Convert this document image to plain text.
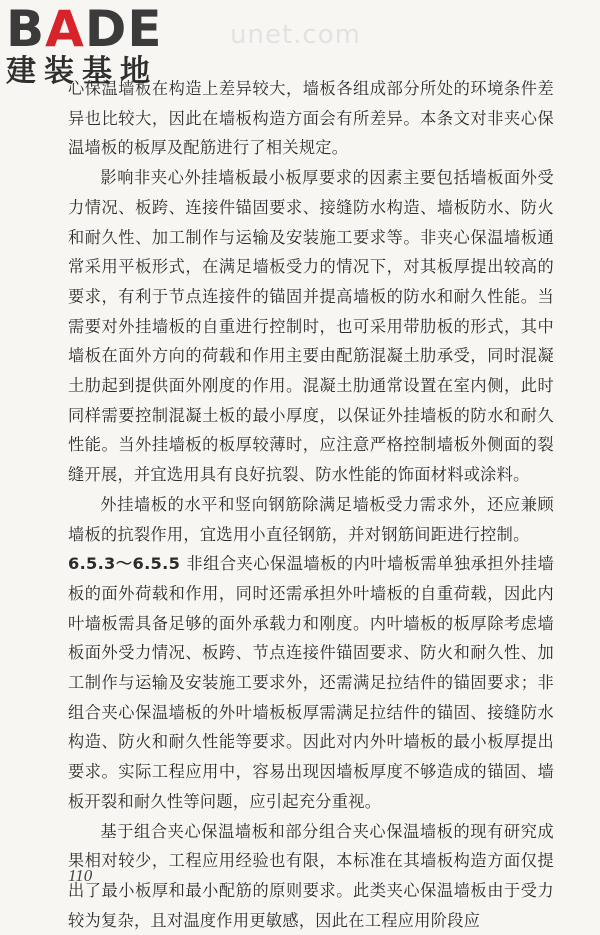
BADE
建装基地
unet.com

心保温墙板在构造上差异较大，墙板各组成部分所处的环境条件差异也比较大，因此在墙板构造方面会有所差异。本条文对非夹心保温墙板的板厚及配筋进行了相关规定。

影响非夹心外挂墙板最小板厚要求的因素主要包括墙板面外受力情况、板跨、连接件锚固要求、接缝防水构造、墙板防水、防火和耐久性、加工制作与运输及安装施工要求等。非夹心保温墙板通常采用平板形式，在满足墙板受力的情况下，对其板厚提出较高的要求，有利于节点连接件的锚固并提高墙板的防水和耐久性能。当需要对外挂墙板的自重进行控制时，也可采用带肋板的形式，其中墙板在面外方向的荷载和作用主要由配筋混凝土肋承受，同时混凝土肋起到提供面外刚度的作用。混凝土肋通常设置在室内侧，此时同样需要控制混凝土板的最小厚度，以保证外挂墙板的防水和耐久性能。当外挂墙板的板厚较薄时，应注意严格控制墙板外侧面的裂缝开展，并宜选用具有良好抗裂、防水性能的饰面材料或涂料。

外挂墙板的水平和竖向钢筋除满足墙板受力需求外，还应兼顾墙板的抗裂作用，宜选用小直径钢筋，并对钢筋间距进行控制。

6.5.3～6.5.5 非组合夹心保温墙板的内叶墙板需单独承担外挂墙板的面外荷载和作用，同时还需承担外叶墙板的自重荷载，因此内叶墙板需具备足够的面外承载力和刚度。内叶墙板的板厚除考虑墙板面外受力情况、板跨、节点连接件锚固要求、防火和耐久性、加工制作与运输及安装施工要求外，还需满足拉结件的锚固要求；非组合夹心保温墙板的外叶墙板板厚需满足拉结件的锚固、接缝防水构造、防火和耐久性能等要求。因此对内外叶墙板的最小板厚提出要求。实际工程应用中，容易出现因墙板厚度不够造成的锚固、墙板开裂和耐久性等问题，应引起充分重视。

基于组合夹心保温墙板和部分组合夹心保温墙板的现有研究成果相对较少，工程应用经验也有限，本标准在其墙板构造方面仅提出了最小板厚和最小配筋的原则要求。此类夹心保温墙板由于受力较为复杂，且对温度作用更敏感，因此在工程应用阶段应

110
